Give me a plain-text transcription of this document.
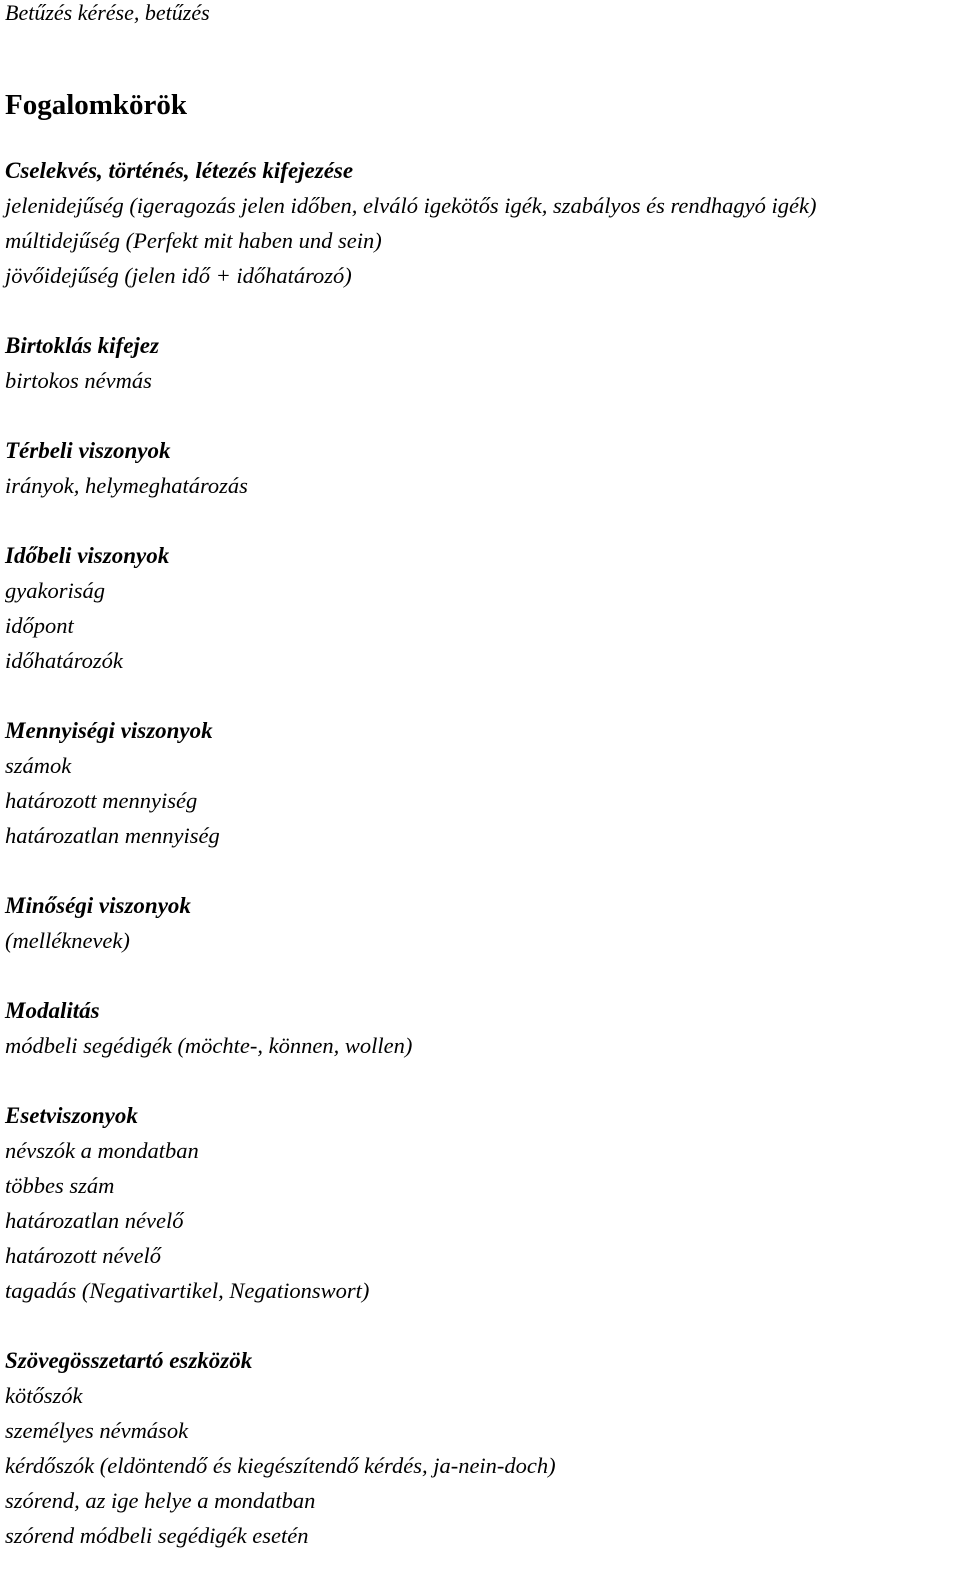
Betűzés kérése, betűzés
Fogalomkörök
Cselekvés, történés, létezés kifejezése
jelenidejűség (igeragozás jelen időben, elváló igekötős igék, szabályos és rendhagyó igék)
múltidejűség (Perfekt mit haben und sein)
jövőidejűség (jelen idő + időhatározó)
Birtoklás kifejez
birtokos névmás
Térbeli viszonyok
irányok, helymeghatározás
Időbeli viszonyok
gyakoriság
időpont
időhatározók
Mennyiségi viszonyok
számok
határozott mennyiség
határozatlan mennyiség
Minőségi viszonyok
(melléknevek)
Modalitás
módbeli segédigék (möchte-, können, wollen)
Esetviszonyok
névszók a mondatban
többes szám
határozatlan névelő
határozott névelő
tagadás (Negativartikel, Negationswort)
Szövegösszetartó eszközök
kötőszók
személyes névmások
kérdőszók (eldöntendő és kiegészítendő kérdés, ja-nein-doch)
szórend, az ige helye a mondatban
szórend módbeli segédigék esetén
